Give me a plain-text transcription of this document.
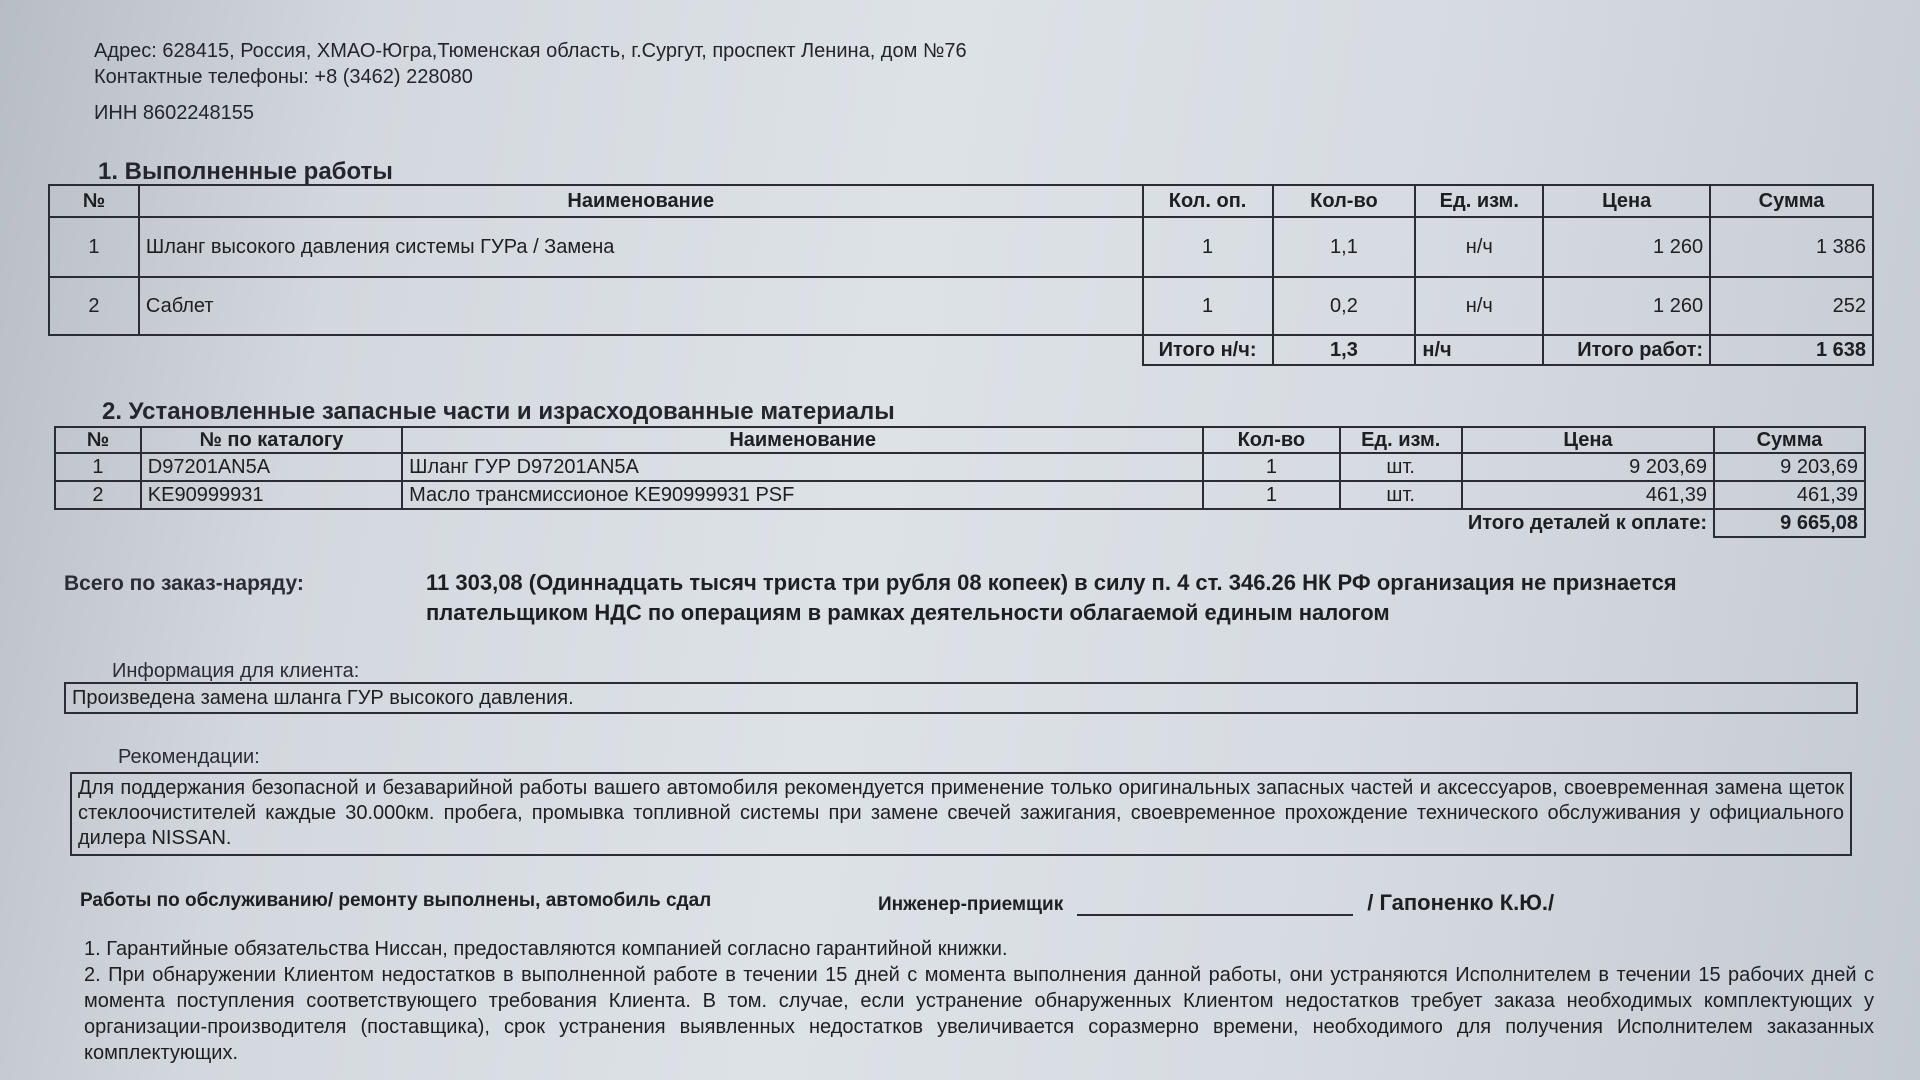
Адрес: 628415, Россия, ХМАО-Югра,Тюменская область, г.Сургут, проспект Ленина, дом №76
Контактные телефоны: +8 (3462) 228080
ИНН 8602248155
1. Выполненные работы
№	Наименование	Кол. оп.	Кол-во	Ед. изм.	Цена	Сумма
1	Шланг высокого давления системы ГУРа / Замена	1	1,1	н/ч	1 260	1 386
2	Саблет	1	0,2	н/ч	1 260	252
		Итого н/ч:	1,3	н/ч	Итого работ:	1 638
2. Установленные запасные части и израсходованные материалы
№	№ по каталогу	Наименование	Кол-во	Ед. изм.	Цена	Сумма
1	D97201AN5A	Шланг ГУР D97201AN5A	1	шт.	9 203,69	9 203,69
2	KE90999931	Масло трансмиссионое KE90999931 PSF	1	шт.	461,39	461,39
					Итого деталей к оплате:	9 665,08
Всего по заказ-наряду:	11 303,08 (Одиннадцать тысяч триста три рубля 08 копеек) в силу п. 4 ст. 346.26 НК РФ организация не признается
плательщиком НДС по операциям в рамках деятельности облагаемой единым налогом
Информация для клиента:
Произведена замена шланга ГУР высокого давления.
Рекомендации:
Для поддержания безопасной и безаварийной работы вашего автомобиля рекомендуется применение только оригинальных запасных частей и аксессуаров, своевременная замена щеток стеклоочистителей каждые 30.000км. пробега, промывка топливной системы при замене свечей зажигания, своевременное прохождение технического обслуживания у официального дилера NISSAN.
Работы по обслуживанию/ ремонту выполнены, автомобиль сдал	Инженер-приемщик	/ Гапоненко К.Ю./

1. Гарантийные обязательства Ниссан, предоставляются компанией согласно гарантийной книжки.

2. При обнаружении Клиентом недостатков в выполненной работе в течении 15 дней с момента выполнения данной работы, они устраняются Исполнителем в течении 15 рабочих дней с момента поступления соответствующего требования Клиента. В том. случае, если устранение обнаруженных Клиентом недостатков требует заказа необходимых комплектующих у организации-производителя (поставщика), срок устранения выявленных недостатков увеличивается соразмерно времени, необходимого для получения Исполнителем заказанных комплектующих.
